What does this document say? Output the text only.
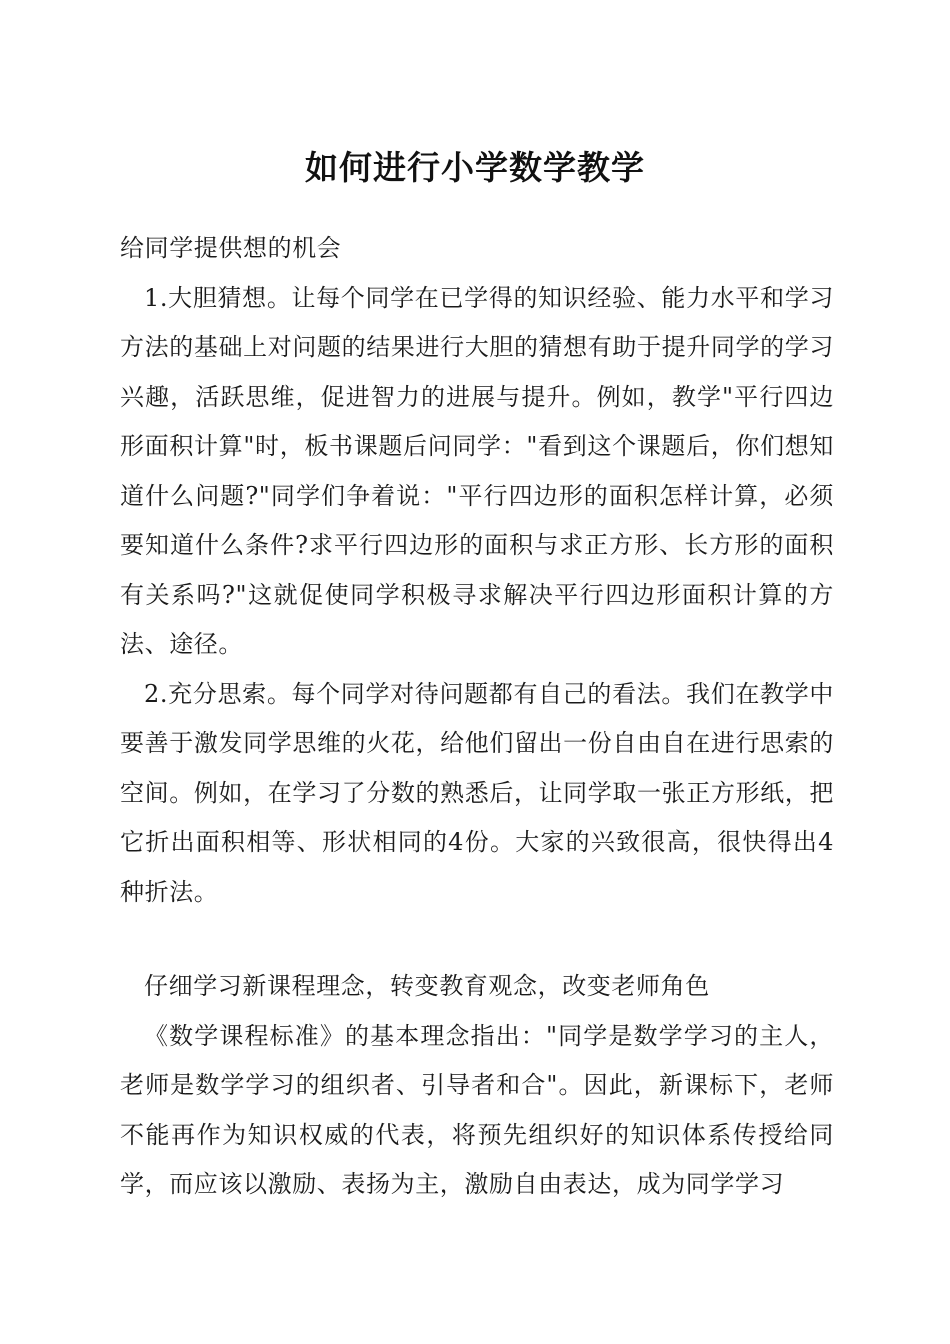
如何进行小学数学教学

给同学提供想的机会

1.大胆猜想。让每个同学在已学得的知识经验、能力水平和学习方法的基础上对问题的结果进行大胆的猜想有助于提升同学的学习兴趣，活跃思维，促进智力的进展与提升。例如，教学"平行四边形面积计算"时，板书课题后问同学："看到这个课题后，你们想知道什么问题?"同学们争着说："平行四边形的面积怎样计算，必须要知道什么条件?求平行四边形的面积与求正方形、长方形的面积有关系吗?"这就促使同学积极寻求解决平行四边形面积计算的方法、途径。

2.充分思索。每个同学对待问题都有自己的看法。我们在教学中要善于激发同学思维的火花，给他们留出一份自由自在进行思索的空间。例如，在学习了分数的熟悉后，让同学取一张正方形纸，把它折出面积相等、形状相同的4份。大家的兴致很高，很快得出4种折法。

仔细学习新课程理念，转变教育观念，改变老师角色

《数学课程标准》的基本理念指出："同学是数学学习的主人，老师是数学学习的组织者、引导者和合"。因此，新课标下，老师不能再作为知识权威的代表，将预先组织好的知识体系传授给同学，而应该以激励、表扬为主，激励自由表达，成为同学学习
